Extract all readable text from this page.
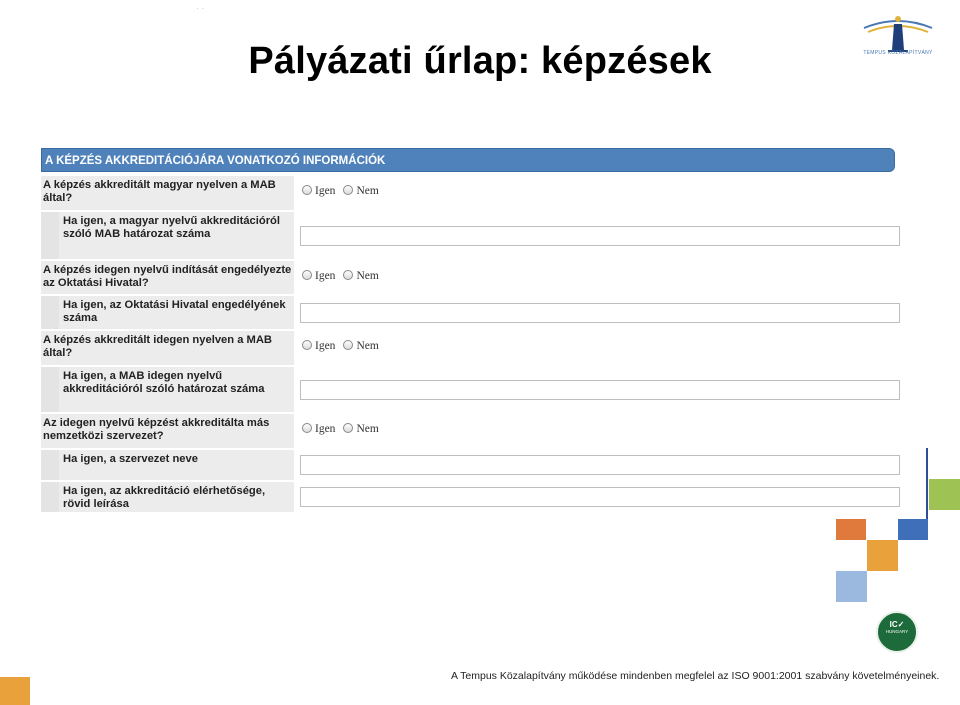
· ·
Pályázati űrlap: képzések	TEMPUS KÖZALAPÍTVÁNY
A KÉPZÉS AKKREDITÁCIÓJÁRA VONATKOZÓ INFORMÁCIÓK
A képzés akkreditált magyar nyelven a MAB által?
Igen Nem
Ha igen, a magyar nyelvű akkreditációról szóló MAB határozat száma
A képzés idegen nyelvű indítását engedélyezte az Oktatási Hivatal?
Igen Nem
Ha igen, az Oktatási Hivatal engedélyének száma
A képzés akkreditált idegen nyelven a MAB által?
Igen Nem
Ha igen, a MAB idegen nyelvű akkreditációról szóló határozat száma
Az idegen nyelvű képzést akkreditálta más nemzetközi szervezet?
Igen Nem
Ha igen, a szervezet neve
Ha igen, az akkreditáció elérhetősége, rövid leírása
IC✓
HUNGARY
A Tempus Közalapítvány működése mindenben megfelel az ISO 9001:2001 szabvány követelményeinek.
